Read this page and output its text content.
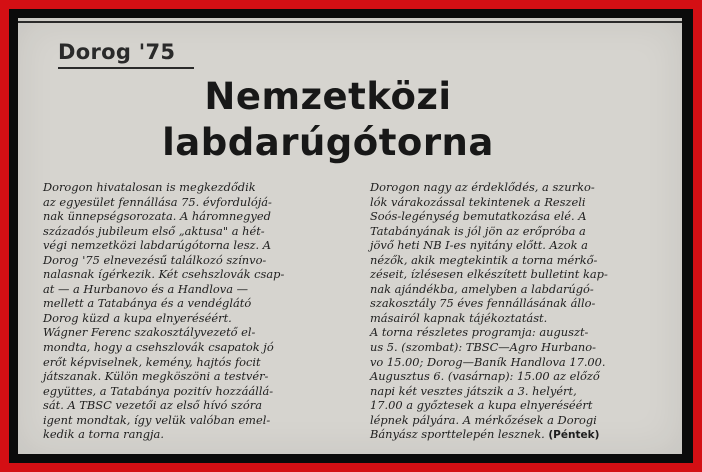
Dorog '75
Nemzetközi
labdarúgótorna
Dorogon hivatalosan is megkezdődik
az egyesület fennállása 75. évfordulójá-
nak ünnepségsorozata. A háromnegyed
századós jubileum első „aktusa" a hét-
végi nemzetközi labdarúgótorna lesz. A
Dorog '75 elnevezésű találkozó színvo-
nalasnak ígérkezik. Két csehszlovák csap-
at — a Hurbanovo és a Handlova —
mellett a Tatabánya és a vendéglátó
Dorog küzd a kupa elnyeréséért.
Wágner Ferenc szakosztályvezető el-
mondta, hogy a csehszlovák csapatok jó
erőt képviselnek, kemény, hajtós focit
játszanak. Külön megköszöni a testvér-
együttes, a Tatabánya pozitív hozzáállá-
sát. A TBSC vezetői az első hívó szóra
igent mondtak, így velük valóban emel-
kedik a torna rangja.
Dorogon nagy az érdeklődés, a szurko-
lók várakozással tekintenek a Reszeli
Soós-legénység bemutatkozása elé. A
Tatabányának is jól jön az erőpróba a
jövő heti NB I-es nyitány előtt. Azok a
nézők, akik megtekintik a torna mérkő-
zéseit, ízlésesen elkészített bulletint kap-
nak ajándékba, amelyben a labdarúgó-
szakosztály 75 éves fennállásának állo-
másairól kapnak tájékoztatást.
A torna részletes programja: auguszt-
us 5. (szombat): TBSC—Agro Hurbano-
vo 15.00; Dorog—Baník Handlova 17.00.
Augusztus 6. (vasárnap): 15.00 az előző
napi két vesztes játszik a 3. helyért,
17.00 a győztesek a kupa elnyeréséért
lépnek pályára. A mérkőzések a Dorogi
Bányász sporttelepén lesznek. (Péntek)
